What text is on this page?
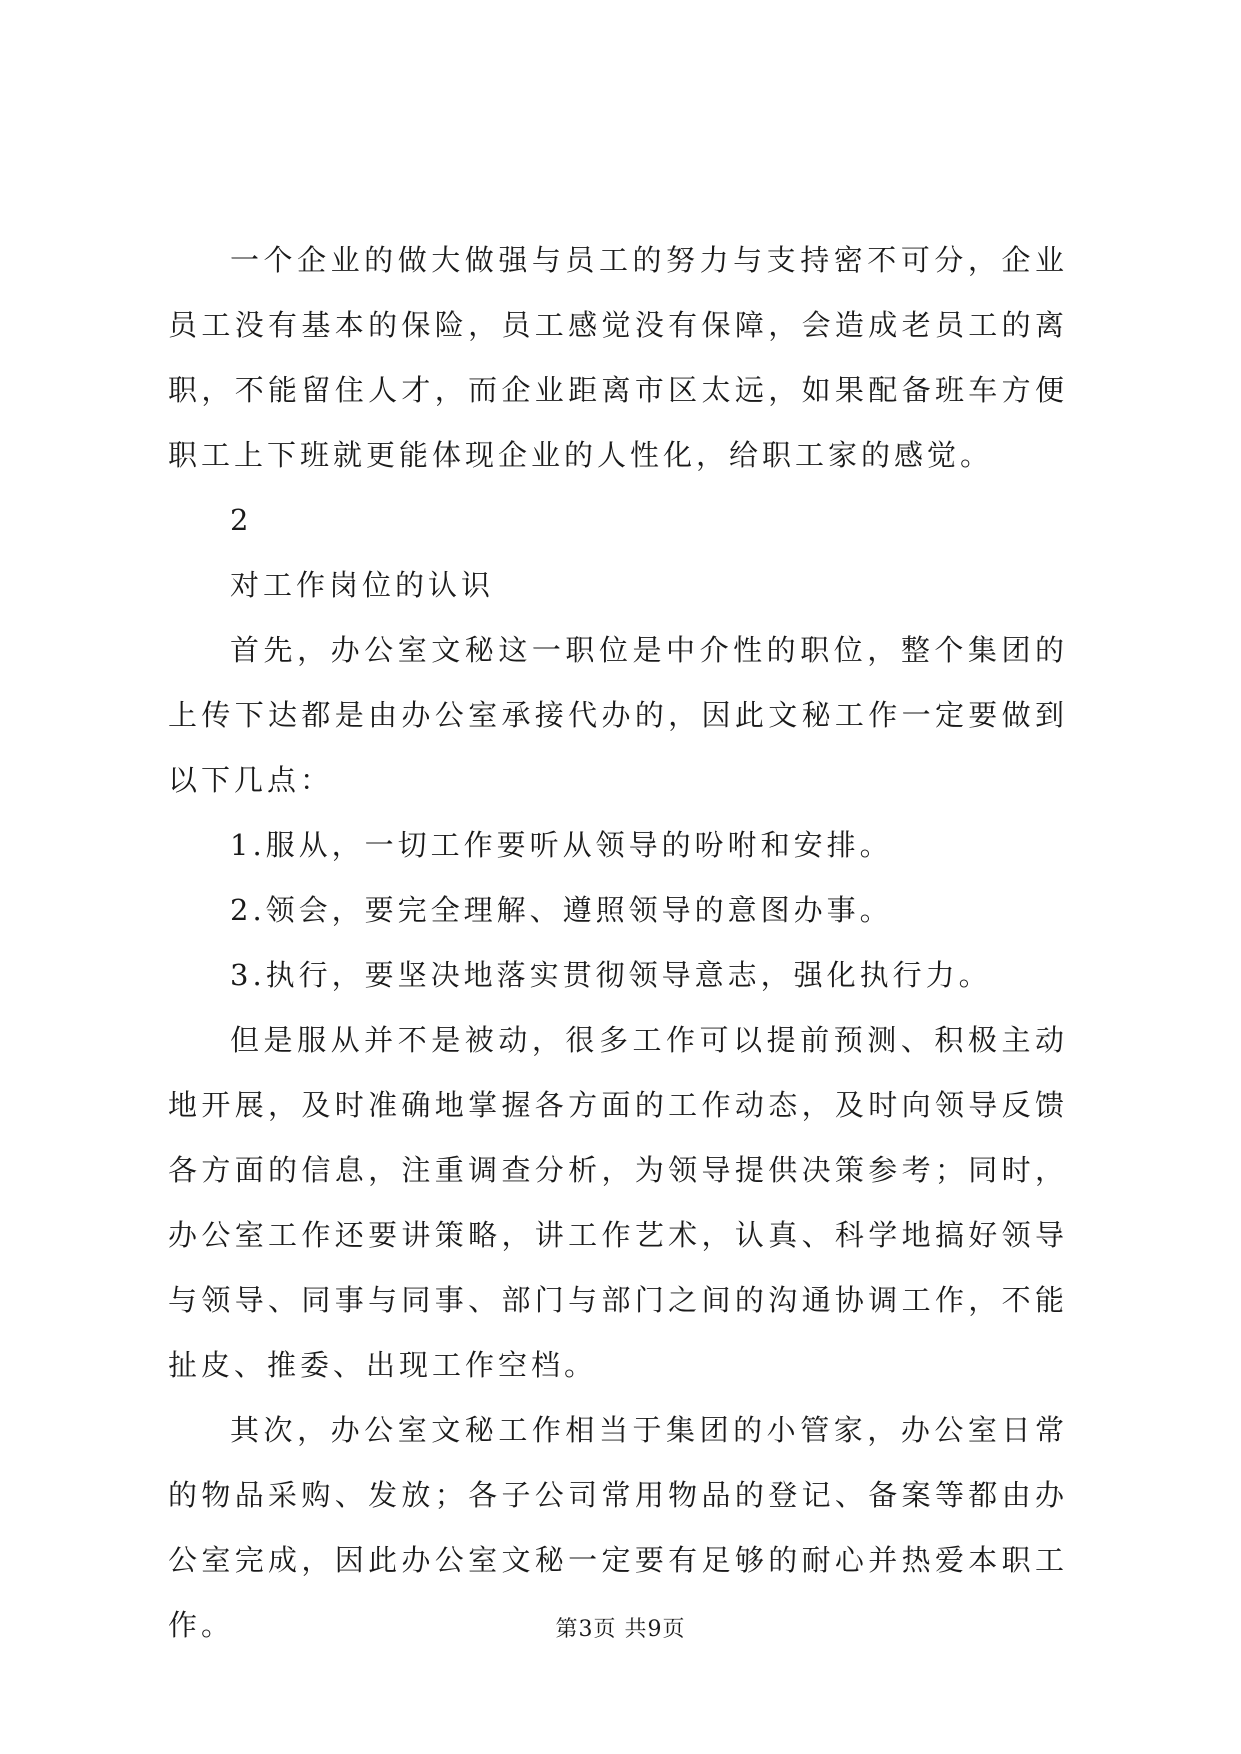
一个企业的做大做强与员工的努力与支持密不可分，企业员工没有基本的保险，员工感觉没有保障，会造成老员工的离职，不能留住人才，而企业距离市区太远，如果配备班车方便职工上下班就更能体现企业的人性化，给职工家的感觉。

2

对工作岗位的认识

首先，办公室文秘这一职位是中介性的职位，整个集团的上传下达都是由办公室承接代办的，因此文秘工作一定要做到以下几点：

1.服从，一切工作要听从领导的吩咐和安排。

2.领会，要完全理解、遵照领导的意图办事。

3.执行，要坚决地落实贯彻领导意志，强化执行力。

但是服从并不是被动，很多工作可以提前预测、积极主动地开展，及时准确地掌握各方面的工作动态，及时向领导反馈各方面的信息，注重调查分析，为领导提供决策参考；同时，办公室工作还要讲策略，讲工作艺术，认真、科学地搞好领导与领导、同事与同事、部门与部门之间的沟通协调工作，不能扯皮、推委、出现工作空档。

其次，办公室文秘工作相当于集团的小管家，办公室日常的物品采购、发放；各子公司常用物品的登记、备案等都由办公室完成，因此办公室文秘一定要有足够的耐心并热爱本职工作。	第3页 共9页
